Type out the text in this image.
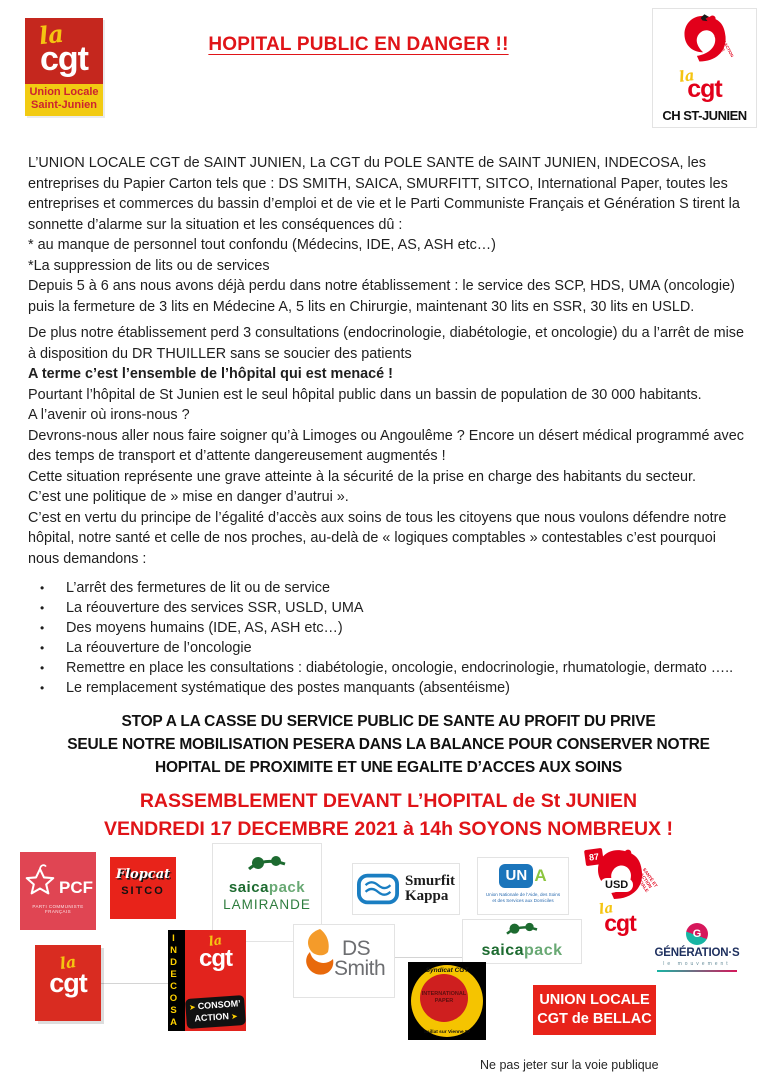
la
cgt
Union Locale
Saint-Junien
HOPITAL PUBLIC EN DANGER !!	SANTÉ ET ACTION SOCIALE
la
cgt
CH ST-JUNIEN

L’UNION LOCALE CGT de SAINT JUNIEN, La CGT du POLE SANTE de SAINT JUNIEN, INDECOSA, les entreprises du Papier Carton tels que : DS SMITH, SAICA, SMURFITT, SITCO, International Paper, toutes les entreprises et commerces du bassin d’emploi et de vie et le Parti Communiste Français et Génération S tirent la sonnette d’alarme sur la situation et les conséquences dû :

* au manque de personnel tout confondu (Médecins, IDE, AS, ASH etc…)

*La suppression de lits ou de services

Depuis 5 à 6 ans nous avons déjà perdu dans notre établissement : le service des SCP, HDS, UMA (oncologie) puis la fermeture de 3 lits en Médecine A, 5 lits en Chirurgie, maintenant 30 lits en SSR, 30 lits en USLD.

De plus notre établissement perd 3 consultations (endocrinologie, diabétologie, et oncologie) du a l’arrêt de mise à disposition du DR THUILLER sans se soucier des patients

A terme c’est l’ensemble de l’hôpital qui est menacé !

Pourtant l’hôpital de St Junien est le seul hôpital public dans un bassin de population de 30 000 habitants.

A l’avenir où irons-nous ?

Devrons-nous aller nous faire soigner qu’à Limoges ou Angoulême ? Encore un désert médical programmé avec des temps de transport et d’attente dangereusement augmentés !

Cette situation représente une grave atteinte à la sécurité de la prise en charge des habitants du secteur.

C’est une politique de » mise en danger d’autrui ».

C’est en vertu du principe de l’égalité d’accès aux soins de tous les citoyens que nous voulons défendre notre hôpital, notre santé et celle de nos proches, au-delà de « logiques comptables » contestables c’est pourquoi nous demandons :

• L’arrêt des fermetures de lit ou de service
• La réouverture des services SSR, USLD, UMA
• Des moyens humains (IDE, AS, ASH etc…)
• La réouverture de l’oncologie
• Remettre en place les consultations : diabétologie, oncologie, endocrinologie, rhumatologie, dermato …..
• Le remplacement systématique des postes manquants (absentéisme)
STOP A LA CASSE DU SERVICE PUBLIC DE SANTE AU PROFIT DU PRIVE
SEULE NOTRE MOBILISATION PESERA DANS LA BALANCE POUR CONSERVER NOTRE
HOPITAL DE PROXIMITE ET UNE EGALITE D’ACCES AUX SOINS
RASSEMBLEMENT DEVANT L’HOPITAL de St JUNIEN
VENDREDI 17 DECEMBRE 2021 à 14h SOYONS NOMBREUX !
PCF
PARTI COMMUNISTE FRANÇAIS
Flopcat
SITCO	saicapack
LAMIRANDE
Smurfit
Kappa
UN A
Union Nationale de l’Aide, des Soins
et des Services aux Domiciles
87
USD	SANTÉ ET ACTION SOCIALE
la
cgt	G
GÉNÉRATION·S
le mouvement
la
cgt	INDECOSA	la
cgt
➤ CONSOM’
ACTION ➤
DS
Smith
saicapack
Syndicat CGT
Saillat sur Vienne 87
INTERNATIONAL
PAPER	UNION LOCALE
CGT de BELLAC
Ne pas jeter sur la voie publique
